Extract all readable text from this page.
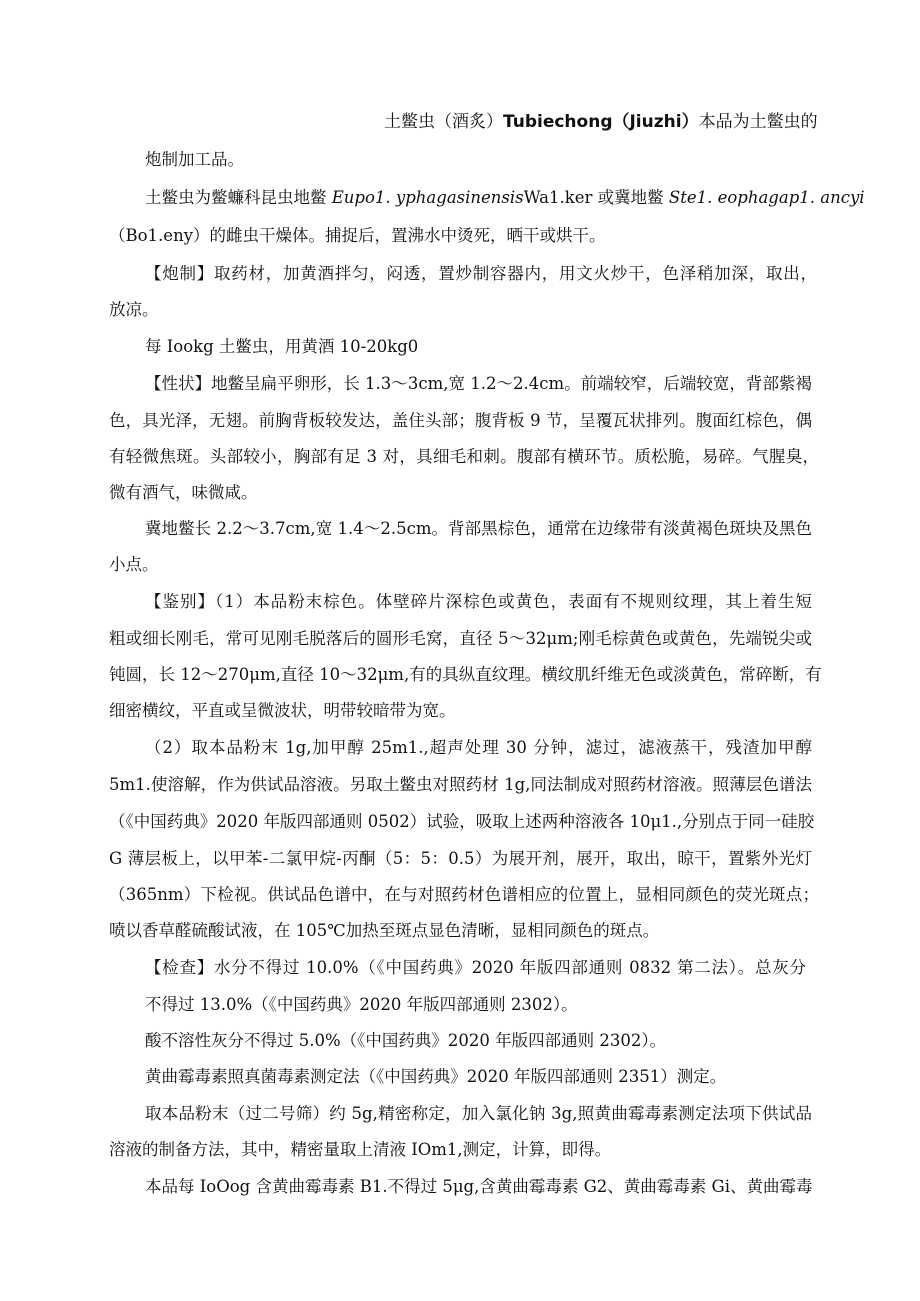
土鳖虫（酒炙）Tubiechong（Jiuzhi）本品为土鳖虫的
炮制加工品。
土鳖虫为鳖蠊科昆虫地鳖 Eupo1. yphagasinensisWa1.ker 或冀地鳖 Ste1. eophagap1. ancyi
（Bo1.eny）的雌虫干燥体。捕捉后，置沸水中烫死，晒干或烘干。
【炮制】取药材，加黄酒拌匀，闷透，置炒制容器内，用文火炒干，色泽稍加深，取出，
放凉。
每 Iookg 土鳖虫，用黄酒 10-20kg0
【性状】地鳖呈扁平卵形，长 1.3～3cm,宽 1.2～2.4cm。前端较窄，后端较宽，背部紫褐
色，具光泽，无翅。前胸背板较发达，盖住头部；腹背板 9 节，呈覆瓦状排列。腹面红棕色，偶
有轻微焦斑。头部较小，胸部有足 3 对，具细毛和刺。腹部有横环节。质松脆，易碎。气腥臭，
微有酒气，味微咸。
冀地鳖长 2.2～3.7cm,宽 1.4～2.5cm。背部黑棕色，通常在边缘带有淡黄褐色斑块及黑色
小点。
【鉴别】（1）本品粉末棕色。体壁碎片深棕色或黄色，表面有不规则纹理，其上着生短
粗或细长刚毛，常可见刚毛脱落后的圆形毛窝，直径 5～32μm;刚毛棕黄色或黄色，先端锐尖或
钝圆，长 12～270μm,直径 10～32μm,有的具纵直纹理。横纹肌纤维无色或淡黄色，常碎断，有
细密横纹，平直或呈微波状，明带较暗带为宽。
（2）取本品粉末 1g,加甲醇 25m1.,超声处理 30 分钟，滤过，滤液蒸干，残渣加甲醇
5m1.使溶解，作为供试品溶液。另取土鳖虫对照药材 1g,同法制成对照药材溶液。照薄层色谱法
（《中国药典》2020 年版四部通则 0502）试验，吸取上述两种溶液各 10μ1.,分别点于同一硅胶
G 薄层板上，以甲苯-二氯甲烷-丙酮（5：5：0.5）为展开剂，展开，取出，晾干，置紫外光灯
（365nm）下检视。供试品色谱中，在与对照药材色谱相应的位置上，显相同颜色的荧光斑点；
喷以香草醛硫酸试液，在 105℃加热至斑点显色清晰，显相同颜色的斑点。
【检查】水分不得过 10.0%（《中国药典》2020 年版四部通则 0832 第二法）。总灰分
不得过 13.0%（《中国药典》2020 年版四部通则 2302）。
酸不溶性灰分不得过 5.0%（《中国药典》2020 年版四部通则 2302）。
黄曲霉毒素照真菌毒素测定法（《中国药典》2020 年版四部通则 2351）测定。
取本品粉末（过二号筛）约 5g,精密称定，加入氯化钠 3g,照黄曲霉毒素测定法项下供试品
溶液的制备方法，其中，精密量取上清液 IOm1,测定，计算，即得。
本品每 IoOog 含黄曲霉毒素 B1.不得过 5μg,含黄曲霉毒素 G2、黄曲霉毒素 Gi、黄曲霉毒
